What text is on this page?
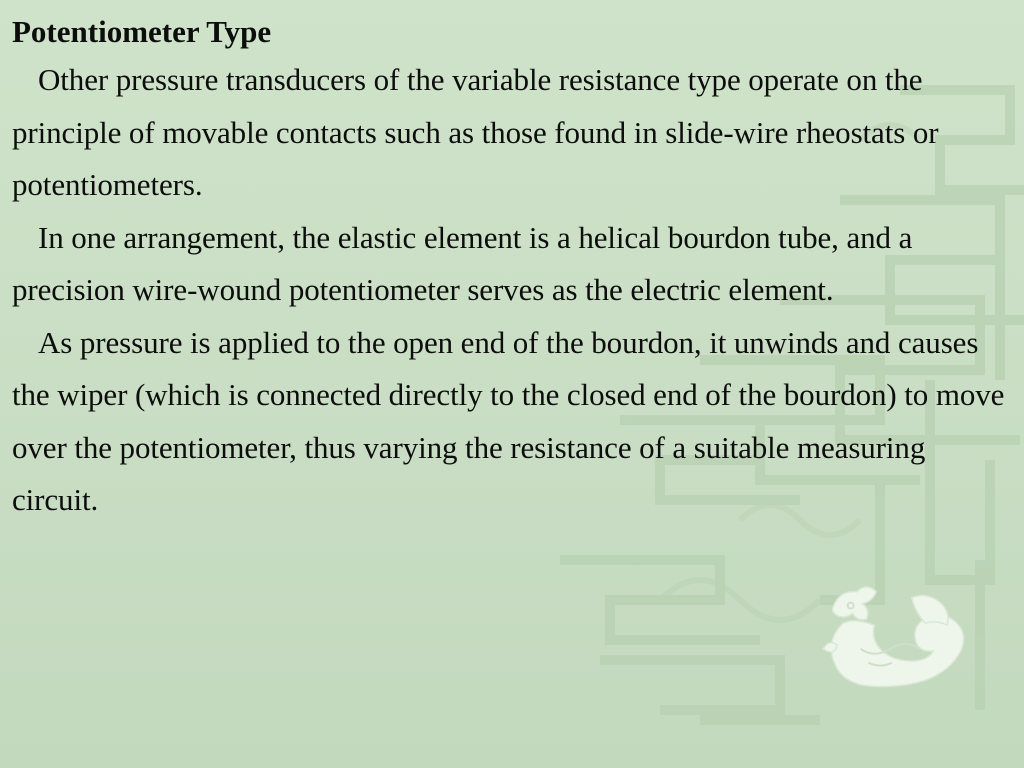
Potentiometer Type

Other pressure transducers of the variable resistance type operate on the principle of movable contacts such as those found in slide-wire rheostats or potentiometers.

In one arrangement, the elastic element is a helical bourdon tube, and a precision wire-wound potentiometer serves as the electric element.

As pressure is applied to the open end of the bourdon, it unwinds and causes the wiper (which is connected directly to the closed end of the bourdon) to move over the potentiometer, thus varying the resistance of a suitable measuring circuit.
